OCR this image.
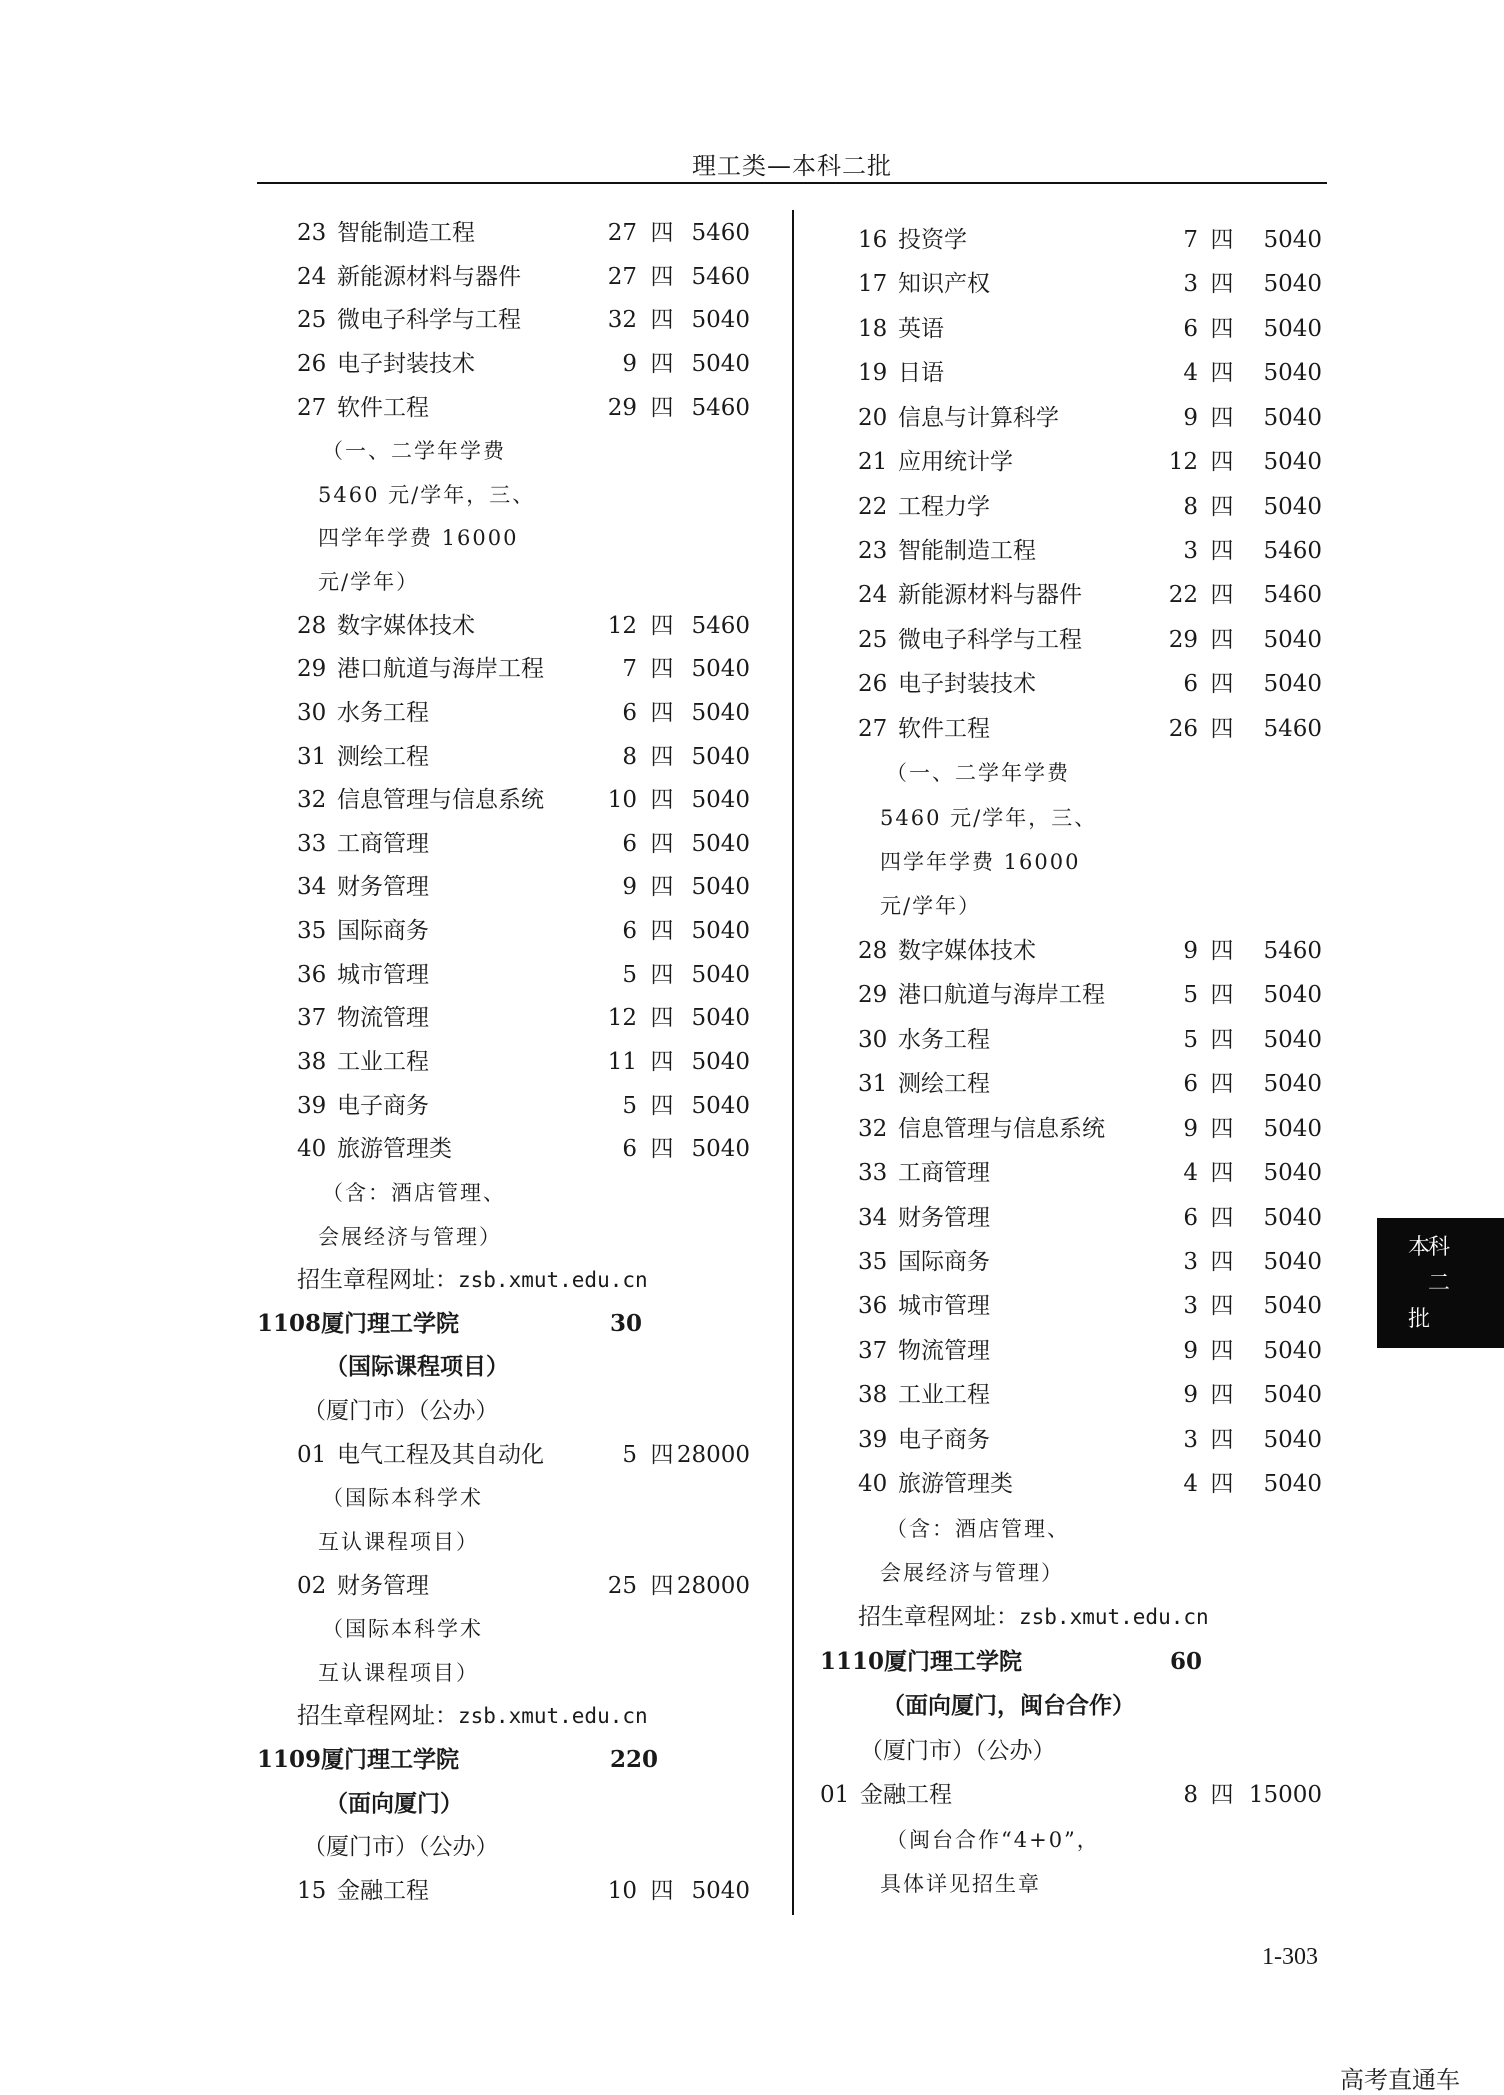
理工类—本科二批
23 智能制造工程	27 四 5460
24 新能源材料与器件	27 四 5460
25 微电子科学与工程	32 四 5040
26 电子封装技术	9 四 5040
27 软件工程	29 四 5460
（一、二学年学费
5460 元/学年，三、
四学年学费 16000
元/学年）
28 数字媒体技术	12 四 5460
29 港口航道与海岸工程	7 四 5040
30 水务工程	6 四 5040
31 测绘工程	8 四 5040
32 信息管理与信息系统	10 四 5040
33 工商管理	6 四 5040
34 财务管理	9 四 5040
35 国际商务	6 四 5040
36 城市管理	5 四 5040
37 物流管理	12 四 5040
38 工业工程	11 四 5040
39 电子商务	5 四 5040
40 旅游管理类	6 四 5040
（含：酒店管理、
会展经济与管理）
招生章程网址：zsb.xmut.edu.cn
1108厦门理工学院	30
（国际课程项目）
（厦门市）（公办）
01 电气工程及其自动化	5 四 28000
（国际本科学术
互认课程项目）
02 财务管理	25 四 28000
（国际本科学术
互认课程项目）
招生章程网址：zsb.xmut.edu.cn
1109厦门理工学院	220
（面向厦门）
（厦门市）（公办）
15 金融工程	10 四 5040
16 投资学	7 四	5040
17 知识产权	3 四	5040
18 英语	6 四	5040
19 日语	4 四	5040
20 信息与计算科学	9 四	5040
21 应用统计学	12 四	5040
22 工程力学	8 四	5040
23 智能制造工程	3 四	5460
24 新能源材料与器件	22 四	5460
25 微电子科学与工程	29 四	5040
26 电子封装技术	6 四	5040
27 软件工程	26 四	5460
（一、二学年学费
5460 元/学年，三、
四学年学费 16000
元/学年）
28 数字媒体技术	9 四	5460
29 港口航道与海岸工程	5 四	5040
30 水务工程	5 四	5040
31 测绘工程	6 四	5040
32 信息管理与信息系统	9 四	5040
33 工商管理	4 四	5040
34 财务管理	6 四	5040
35 国际商务	3 四	5040
36 城市管理	3 四	5040
37 物流管理	9 四	5040
38 工业工程	9 四	5040
39 电子商务	3 四	5040
40 旅游管理类	4 四	5040
（含：酒店管理、
会展经济与管理）
招生章程网址：zsb.xmut.edu.cn
1110厦门理工学院	60
（面向厦门，闽台合作）
（厦门市）（公办）
01 金融工程	8 四 15000
（闽台合作“4+0”，
具体详见招生章
本
科
二
批
1-303
高考直通车
